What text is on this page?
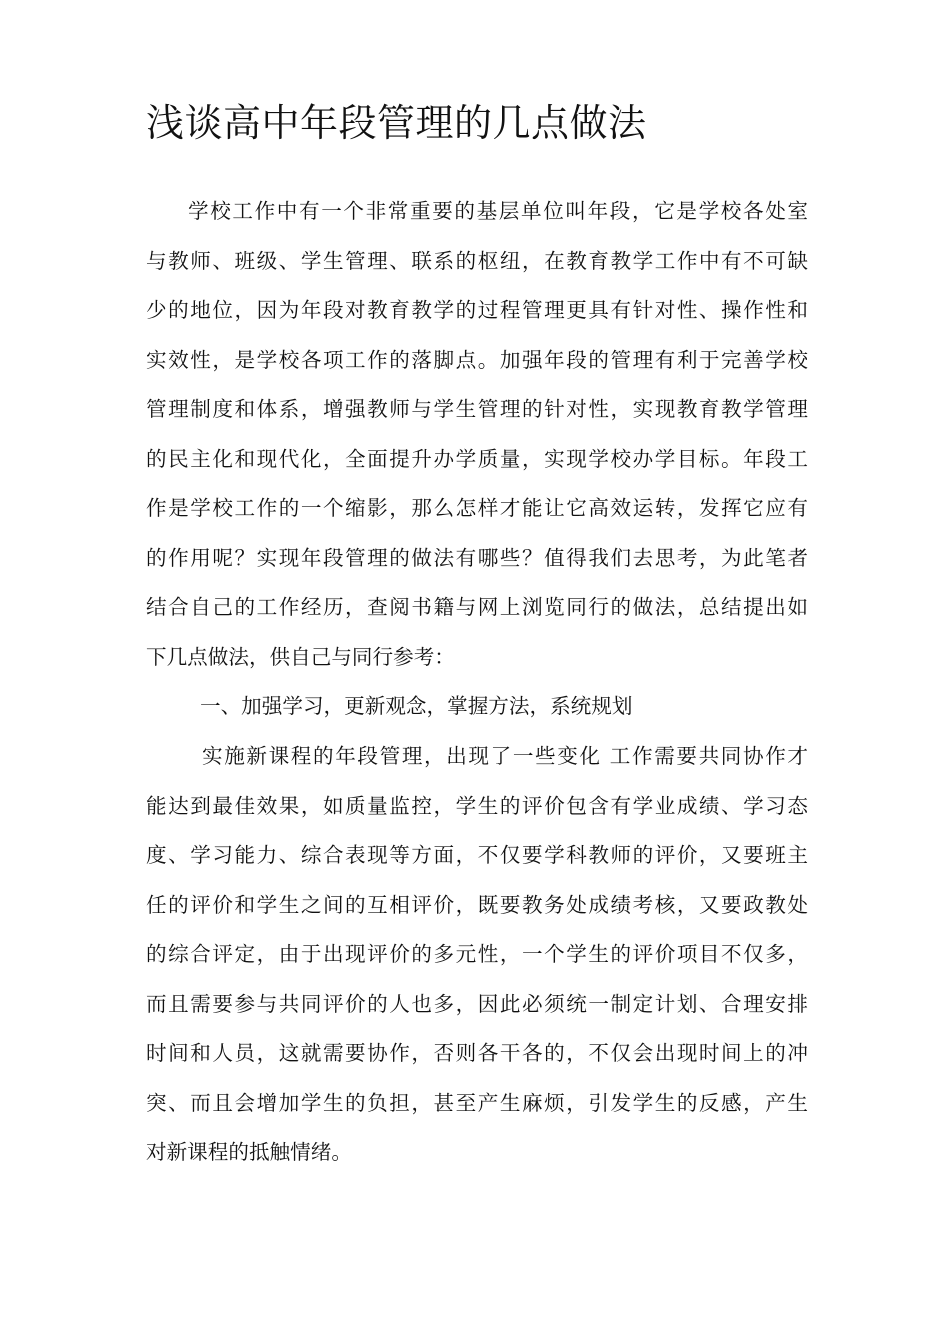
浅谈高中年段管理的几点做法

学校工作中有一个非常重要的基层单位叫年段，它是学校各处室

与教师、班级、学生管理、联系的枢纽，在教育教学工作中有不可缺

少的地位，因为年段对教育教学的过程管理更具有针对性、操作性和

实效性，是学校各项工作的落脚点。加强年段的管理有利于完善学校

管理制度和体系，增强教师与学生管理的针对性，实现教育教学管理

的民主化和现代化，全面提升办学质量，实现学校办学目标。年段工

作是学校工作的一个缩影，那么怎样才能让它高效运转，发挥它应有

的作用呢？实现年段管理的做法有哪些？值得我们去思考，为此笔者

结合自己的工作经历，查阅书籍与网上浏览同行的做法，总结提出如

下几点做法，供自己与同行参考：

一、加强学习，更新观念，掌握方法，系统规划

实施新课程的年段管理，出现了一些变化 工作需要共同协作才

能达到最佳效果，如质量监控，学生的评价包含有学业成绩、学习态

度、学习能力、综合表现等方面，不仅要学科教师的评价，又要班主

任的评价和学生之间的互相评价，既要教务处成绩考核，又要政教处

的综合评定，由于出现评价的多元性，一个学生的评价项目不仅多，

而且需要参与共同评价的人也多，因此必须统一制定计划、合理安排

时间和人员，这就需要协作，否则各干各的，不仅会出现时间上的冲

突、而且会增加学生的负担，甚至产生麻烦，引发学生的反感，产生

对新课程的抵触情绪。
